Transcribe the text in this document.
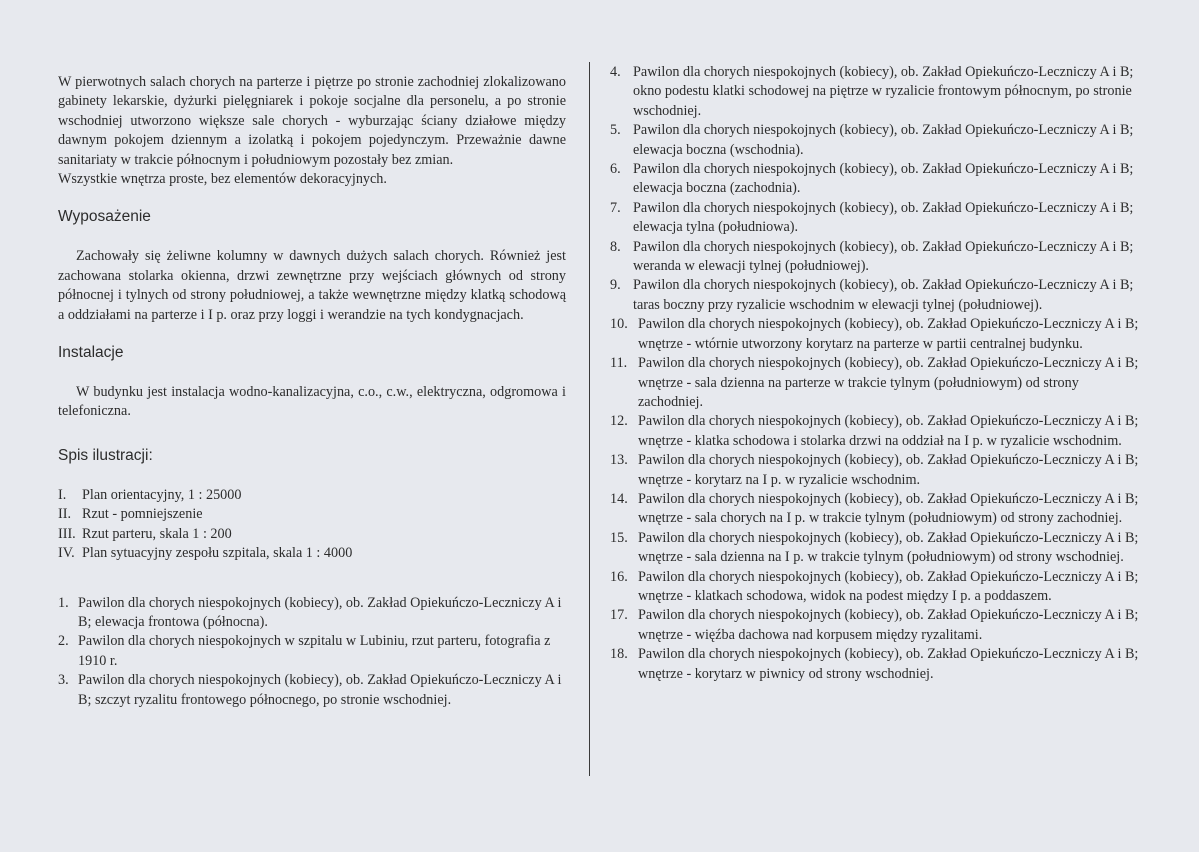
W pierwotnych salach chorych na parterze i piętrze po stronie zachodniej zlokalizowano gabinety lekarskie, dyżurki pielęgniarek i pokoje socjalne dla personelu, a po stronie wschodniej utworzono większe sale chorych - wyburzając ściany działowe między dawnym pokojem dziennym a izolatką i pokojem pojedynczym. Przeważnie dawne sanitariaty w trakcie północnym i południowym pozostały bez zmian.

Wszystkie wnętrza proste, bez elementów dekoracyjnych.

Wyposażenie

Zachowały się żeliwne kolumny w dawnych dużych salach chorych. Również jest zachowana stolarka okienna, drzwi zewnętrzne przy wejściach głównych od strony północnej i tylnych od strony południowej, a także wewnętrzne między klatką schodową a oddziałami na parterze i I p. oraz przy loggi i werandzie na tych kondygnacjach.

Instalacje

W budynku jest instalacja wodno-kanalizacyjna, c.o., c.w., elektryczna, odgromowa i telefoniczna.

Spis ilustracji:
I.	Plan orientacyjny, 1 : 25000
II. Rzut - pomniejszenie
III. Rzut parteru, skala 1 : 200
IV. Plan sytuacyjny zespołu szpitala, skala 1 : 4000
1. Pawilon dla chorych niespokojnych (kobiecy), ob. Zakład Opiekuńczo-Leczniczy A i B; elewacja frontowa (północna).
2. Pawilon dla chorych niespokojnych w szpitalu w Lubiniu, rzut parteru, fotografia z 1910 r.
3. Pawilon dla chorych niespokojnych (kobiecy), ob. Zakład Opiekuńczo-Leczniczy A i B; szczyt ryzalitu frontowego północnego, po stronie wschodniej.
4. Pawilon dla chorych niespokojnych (kobiecy), ob. Zakład Opiekuńczo-Leczniczy A i B; okno podestu klatki schodowej na piętrze w ryzalicie frontowym północnym, po stronie wschodniej.
5. Pawilon dla chorych niespokojnych (kobiecy), ob. Zakład Opiekuńczo-Leczniczy A i B; elewacja boczna (wschodnia).
6. Pawilon dla chorych niespokojnych (kobiecy), ob. Zakład Opiekuńczo-Leczniczy A i B; elewacja boczna (zachodnia).
7. Pawilon dla chorych niespokojnych (kobiecy), ob. Zakład Opiekuńczo-Leczniczy A i B; elewacja tylna (południowa).
8. Pawilon dla chorych niespokojnych (kobiecy), ob. Zakład Opiekuńczo-Leczniczy A i B; weranda w elewacji tylnej (południowej).
9. Pawilon dla chorych niespokojnych (kobiecy), ob. Zakład Opiekuńczo-Leczniczy A i B; taras boczny przy ryzalicie wschodnim w elewacji tylnej (południowej).
10. Pawilon dla chorych niespokojnych (kobiecy), ob. Zakład Opiekuńczo-Leczniczy A i B; wnętrze - wtórnie utworzony korytarz na parterze w partii centralnej budynku.
11. Pawilon dla chorych niespokojnych (kobiecy), ob. Zakład Opiekuńczo-Leczniczy A i B; wnętrze - sala dzienna na parterze w trakcie tylnym (południowym) od strony zachodniej.
12. Pawilon dla chorych niespokojnych (kobiecy), ob. Zakład Opiekuńczo-Leczniczy A i B; wnętrze - klatka schodowa i stolarka drzwi na oddział na I p. w ryzalicie wschodnim.
13. Pawilon dla chorych niespokojnych (kobiecy), ob. Zakład Opiekuńczo-Leczniczy A i B; wnętrze - korytarz na I p. w ryzalicie wschodnim.
14. Pawilon dla chorych niespokojnych (kobiecy), ob. Zakład Opiekuńczo-Leczniczy A i B; wnętrze - sala chorych na I p. w trakcie tylnym (południowym) od strony zachodniej.
15. Pawilon dla chorych niespokojnych (kobiecy), ob. Zakład Opiekuńczo-Leczniczy A i B; wnętrze - sala dzienna na I p. w trakcie tylnym (południowym) od strony wschodniej.
16. Pawilon dla chorych niespokojnych (kobiecy), ob. Zakład Opiekuńczo-Leczniczy A i B; wnętrze - klatkach schodowa, widok na podest między I p. a poddaszem.
17. Pawilon dla chorych niespokojnych (kobiecy), ob. Zakład Opiekuńczo-Leczniczy A i B; wnętrze - więźba dachowa nad korpusem między ryzalitami.
18. Pawilon dla chorych niespokojnych (kobiecy), ob. Zakład Opiekuńczo-Leczniczy A i B; wnętrze - korytarz w piwnicy od strony wschodniej.
